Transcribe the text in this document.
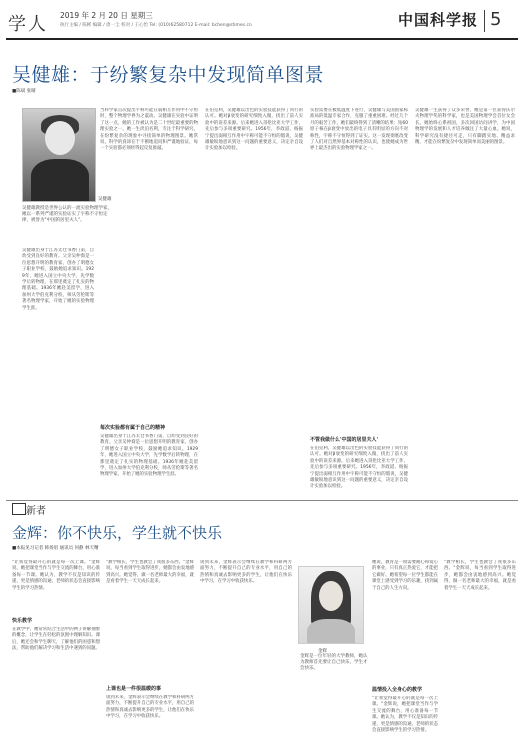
学人 2019 年 2 月 20 日 星期三
执行主编 / 陈彬 编辑 / 唐一尘 校对 / 王心怡 Tel: (010)62580712 E-mail: bchen@stimes.cn	中国科学报 5
吴健雄：于纷繁复杂中发现简单图景
■陈斌 张晴
吴健雄
吴健雄教授是世界公认的一流实验物理学家，她以一系列严谨的实验证实了宇称不守恒定律，被誉为"中国的居里夫人"。
当科学家首次提出宇称可能在弱相互作用中不守恒时，整个物理学界为之震动。吴健雄在实验中证明了这一点，她的工作被认为是二十世纪最重要的物理实验之一。她一生淡泊名利，专注于科学研究，在纷繁复杂的现象中寻找简单的物理图景。她常说，科学的真谛在于不断地追问和严谨地验证，每一个实验都必须经得起反复推敲。
每次实验都有属于自己的精神
吴健雄出身于江苏太仓书香门第，自幼受到良好的教育。父亲吴仲裔是一位思想开明的教育家，创办了明德女子职业学校，鼓励她追求知识。1929年，她进入国立中央大学，先学数学后转物理，在那里奠定了扎实的物理基础。1936年她赴美留学，进入加州大学伯克利分校，师从劳伦斯等著名物理学家，开始了她的实验物理学生涯。
吴健雄出身于江苏太仓书香门第，自幼受到良好的教育。父亲吴仲裔是一位思想开明的教育家，创办了明德女子职业学校，鼓励她追求知识。1929年，她进入国立中央大学，先学数学后转物理，在那里奠定了扎实的物理基础。1936年她赴美留学，进入加州大学伯克利分校，师从劳伦斯等著名物理学家，开始了她的实验物理学生涯。
在伯克利，吴健雄以出色的实验技能获得了同行的认可。她对β衰变的研究细致入微，找出了前人实验中的误差来源。后来她进入哥伦比亚大学工作，先后参与多项重要研究。1956年，李政道、杨振宁提出弱相互作用中宇称可能不守恒的假说，吴健雄敏锐地意识到这一问题的重要意义，决定亲自设计实验加以检验。
实验需要在极低温度下进行，吴健雄与美国国家标准局的低温专家合作，克服了重重困难。经过几个月的艰苦工作，她们最终得到了清晰的结果：钴60原子核在β衰变中放出的电子具有明显的方向不对称性，宇称不守恒得到了证实。这一发现彻底改变了人们对自然界基本对称性的认识，也使她成为世界上最杰出的实验物理学家之一。
不管我做什么'中国的居里夫人'
在伯克利，吴健雄以出色的实验技能获得了同行的认可。她对β衰变的研究细致入微，找出了前人实验中的误差来源。后来她进入哥伦比亚大学工作，先后参与多项重要研究。1956年，李政道、杨振宁提出弱相互作用中宇称可能不守恒的假说，吴健雄敏锐地意识到这一问题的重要意义，决定亲自设计实验加以检验。
吴健雄一生获得了众多荣誉，她是第一位获得沃尔夫物理学奖的科学家，也是美国物理学会首位女会长。她始终心系祖国，多次回国访问讲学，为中国物理学的发展和人才培养倾注了大量心血。她说，科学研究没有捷径可走，只有脚踏实地、精益求精，才能在纷繁复杂中发现简单而美丽的图景。
新者
金辉：你不快乐，学生就不快乐
■本报见习记者 韩扬眉 通讯员 何静 林天曙
"让我觉得最开心的就是每一次上课。"金辉说，她把课堂当作与学生交流的舞台，用心准备每一节课。她认为，教学不仅是知识的传递，更是情感的沟通，老师的状态会直接影响学生的学习热情。
快乐教学
在教学中，她常常结合生活中的例子讲解抽象的概念，让学生在轻松的氛围中理解知识。课后，她还会和学生聊天，了解他们的困惑和想法，帮助他们解决学习和生活中遇到的问题。
"教学相长，学生也教会了我很多东西。"金辉说，每当看到学生取得进步，她都会由衷地感到高兴。她觉得，做一名老师最大的幸福，就是看着学生一天天成长起来。
上课也是一件很温暖的事
谈到未来，金辉表示会继续在教学和科研两方面努力，不断提升自己的专业水平，用自己的热情和真诚去影响更多的学生，让他们在快乐中学习，在学习中收获快乐。
谈到未来，金辉表示会继续在教学和科研两方面努力，不断提升自己的专业水平，用自己的热情和真诚去影响更多的学生，让他们在快乐中学习，在学习中收获快乐。
金辉
金辉是一位年轻的大学教师，她认为教师首先要让自己快乐，学生才会快乐。
她说，教育是一项需要耐心和爱心的事业，只有真正热爱它，才能把它做好。她希望每一位学生都能在课堂上感受到学习的乐趣，找到属于自己的人生方向。
温情投入全身心的教学
"让我觉得最开心的就是每一次上课。"金辉说，她把课堂当作与学生交流的舞台，用心准备每一节课。她认为，教学不仅是知识的传递，更是情感的沟通，老师的状态会直接影响学生的学习热情。
"教学相长，学生也教会了我很多东西。"金辉说，每当看到学生取得进步，她都会由衷地感到高兴。她觉得，做一名老师最大的幸福，就是看着学生一天天成长起来。
